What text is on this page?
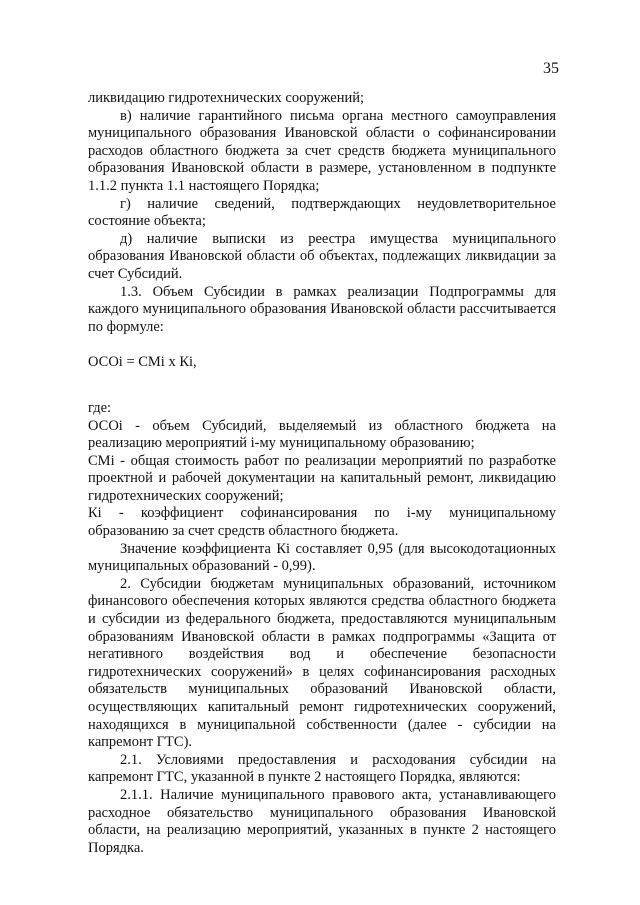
35

ликвидацию гидротехнических сооружений;

в) наличие гарантийного письма органа местного самоуправления муниципального образования Ивановской области о софинансировании расходов областного бюджета за счет средств бюджета муниципального образования Ивановской области в размере, установленном в подпункте 1.1.2 пункта 1.1 настоящего Порядка;

г) наличие сведений, подтверждающих неудовлетворительное состояние объекта;

д) наличие выписки из реестра имущества муниципального образования Ивановской области об объектах, подлежащих ликвидации за счет Субсидий.

1.3. Объем Субсидии в рамках реализации Подпрограммы для каждого муниципального образования Ивановской области рассчитывается по формуле:

ОСОi = СМi х Кi,

где:

ОСОi - объем Субсидий, выделяемый из областного бюджета на реализацию мероприятий i-му муниципальному образованию;

СМi - общая стоимость работ по реализации мероприятий по разработке проектной и рабочей документации на капитальный ремонт, ликвидацию гидротехнических сооружений;

Кi - коэффициент софинансирования по i-му муниципальному образованию за счет средств областного бюджета.

Значение коэффициента Кi составляет 0,95 (для высокодотационных муниципальных образований - 0,99).

2. Субсидии бюджетам муниципальных образований, источником финансового обеспечения которых являются средства областного бюджета и субсидии из федерального бюджета, предоставляются муниципальным образованиям Ивановской области в рамках подпрограммы «Защита от негативного воздействия вод и обеспечение безопасности гидротехнических сооружений» в целях софинансирования расходных обязательств муниципальных образований Ивановской области, осуществляющих капитальный ремонт гидротехнических сооружений, находящихся в муниципальной собственности (далее - субсидии на капремонт ГТС).

2.1. Условиями предоставления и расходования субсидии на капремонт ГТС, указанной в пункте 2 настоящего Порядка, являются:

2.1.1. Наличие муниципального правового акта, устанавливающего расходное обязательство муниципального образования Ивановской области, на реализацию мероприятий, указанных в пункте 2 настоящего Порядка.
